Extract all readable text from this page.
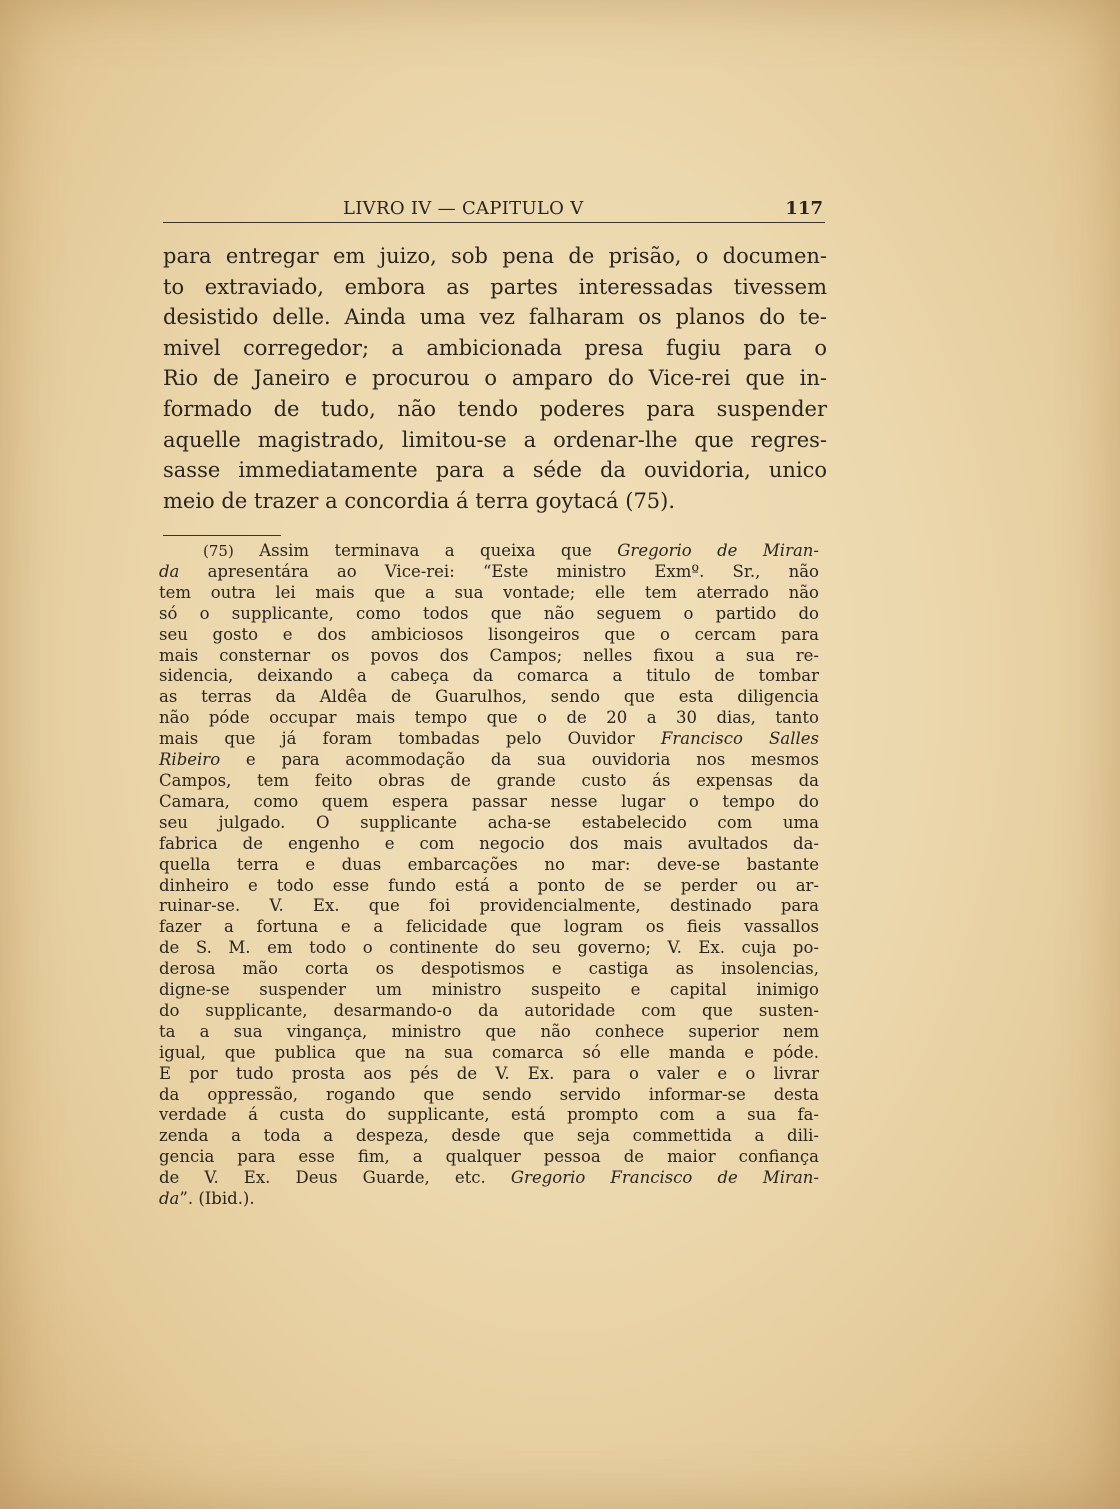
LIVRO IV — CAPITULO V	117
para entregar em juizo, sob pena de prisão, o documen-
to extraviado, embora as partes interessadas tivessem
desistido delle. Ainda uma vez falharam os planos do te-
mivel corregedor; a ambicionada presa fugiu para o
Rio de Janeiro e procurou o amparo do Vice-rei que in-
formado de tudo, não tendo poderes para suspender
aquelle magistrado, limitou-se a ordenar-lhe que regres-
sasse immediatamente para a séde da ouvidoria, unico
meio de trazer a concordia á terra goytacá (75).
(75) Assim terminava a queixa que Gregorio de Miran-
da apresentára ao Vice-rei: “Este ministro Exmº. Sr., não
tem outra lei mais que a sua vontade; elle tem aterrado não
só o supplicante, como todos que não seguem o partido do
seu gosto e dos ambiciosos lisongeiros que o cercam para
mais consternar os povos dos Campos; nelles fixou a sua re-
sidencia, deixando a cabeça da comarca a titulo de tombar
as terras da Aldêa de Guarulhos, sendo que esta diligencia
não póde occupar mais tempo que o de 20 a 30 dias, tanto
mais que já foram tombadas pelo Ouvidor Francisco Salles
Ribeiro e para acommodação da sua ouvidoria nos mesmos
Campos, tem feito obras de grande custo ás expensas da
Camara, como quem espera passar nesse lugar o tempo do
seu julgado. O supplicante acha-se estabelecido com uma
fabrica de engenho e com negocio dos mais avultados da-
quella terra e duas embarcações no mar: deve-se bastante
dinheiro e todo esse fundo está a ponto de se perder ou ar-
ruinar-se. V. Ex. que foi providencialmente, destinado para
fazer a fortuna e a felicidade que logram os fieis vassallos
de S. M. em todo o continente do seu governo; V. Ex. cuja po-
derosa mão corta os despotismos e castiga as insolencias,
digne-se suspender um ministro suspeito e capital inimigo
do supplicante, desarmando-o da autoridade com que susten-
ta a sua vingança, ministro que não conhece superior nem
igual, que publica que na sua comarca só elle manda e póde.
E por tudo prosta aos pés de V. Ex. para o valer e o livrar
da oppressão, rogando que sendo servido informar-se desta
verdade á custa do supplicante, está prompto com a sua fa-
zenda a toda a despeza, desde que seja commettida a dili-
gencia para esse fim, a qualquer pessoa de maior confiança
de V. Ex. Deus Guarde, etc. Gregorio Francisco de Miran-
da”. (Ibid.).
